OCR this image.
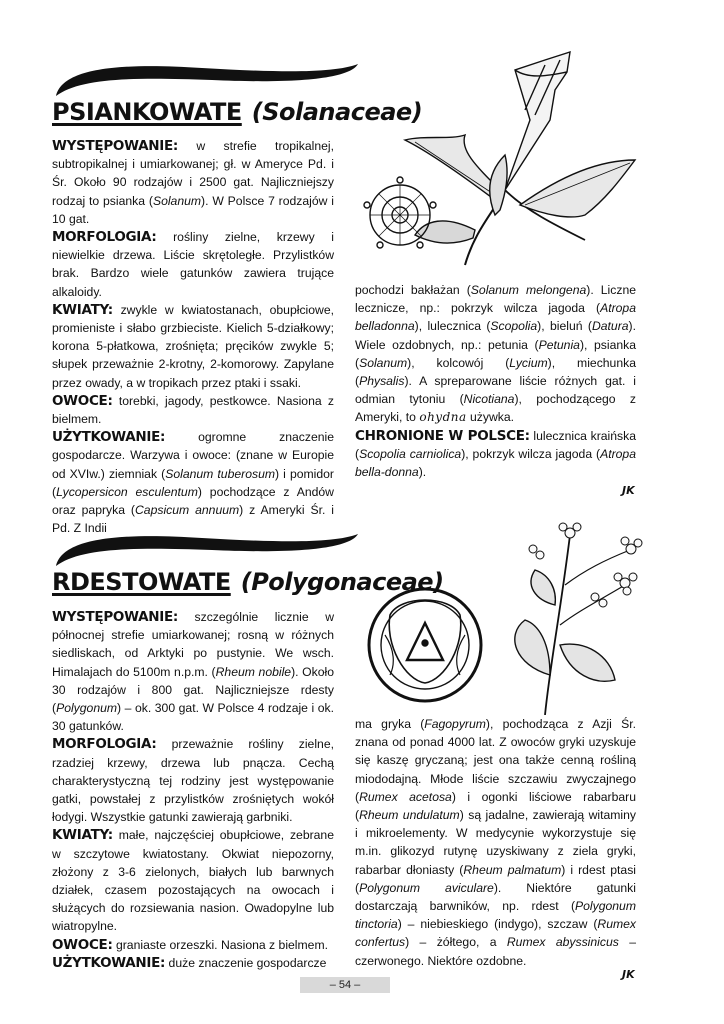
PSIANKOWATE (Solanaceae)

WYSTĘPOWANIE: w strefie tropikalnej, subtropikalnej i umiarkowanej; gł. w Ameryce Pd. i Śr. Około 90 rodzajów i 2500 gat. Najliczniejszy rodzaj to psianka (Solanum). W Polsce 7 rodzajów i 10 gat.

MORFOLOGIA: rośliny zielne, krzewy i niewielkie drzewa. Liście skrętoległe. Przylistków brak. Bardzo wiele gatunków zawiera trujące alkaloidy.

KWIATY: zwykle w kwiatostanach, obupłciowe, promieniste i słabo grzbieciste. Kielich 5-działkowy; korona 5-płatkowa, zrośnięta; pręcików zwykle 5; słupek przeważnie 2-krotny, 2-komorowy. Zapylane przez owady, a w tropikach przez ptaki i ssaki.

OWOCE: torebki, jagody, pestkowce. Nasiona z bielmem.

UŻYTKOWANIE: ogromne znaczenie gospodarcze. Warzywa i owoce: (znane w Europie od XVIw.) ziemniak (Solanum tuberosum) i pomidor (Lycopersicon esculentum) pochodzące z Andów oraz papryka (Capsicum annuum) z Ameryki Śr. i Pd. Z Indii

pochodzi bakłażan (Solanum melongena). Liczne lecznicze, np.: pokrzyk wilcza jagoda (Atropa belladonna), lulecznica (Scopolia), bieluń (Datura). Wiele ozdobnych, np.: petunia (Petunia), psianka (Solanum), kolcowój (Lycium), miechunka (Physalis). A spreparowane liście różnych gat. i odmian tytoniu (Nicotiana), pochodzącego z Ameryki, to ohydna używka.

CHRONIONE W POLSCE: lulecznica kraińska (Scopolia carniolica), pokrzyk wilcza jagoda (Atropa bella-donna).

JK
RDESTOWATE (Polygonaceae)

WYSTĘPOWANIE: szczególnie licznie w północnej strefie umiarkowanej; rosną w różnych siedliskach, od Arktyki po pustynie. We wsch. Himalajach do 5100m n.p.m. (Rheum nobile). Około 30 rodzajów i 800 gat. Najliczniejsze rdesty (Polygonum) – ok. 300 gat. W Polsce 4 rodzaje i ok. 30 gatunków.

MORFOLOGIA: przeważnie rośliny zielne, rzadziej krzewy, drzewa lub pnącza. Cechą charakterystyczną tej rodziny jest występowanie gatki, powstałej z przylistków zrośniętych wokół łodygi. Wszystkie gatunki zawierają garbniki.

KWIATY: małe, najczęściej obupłciowe, zebrane w szczytowe kwiatostany. Okwiat niepozorny, złożony z 3-6 zielonych, białych lub barwnych działek, czasem pozostających na owocach i służących do rozsiewania nasion. Owadopylne lub wiatropylne.

OWOCE: graniaste orzeszki. Nasiona z bielmem.

UŻYTKOWANIE: duże znaczenie gospodarcze

ma gryka (Fagopyrum), pochodząca z Azji Śr. znana od ponad 4000 lat. Z owoców gryki uzyskuje się kaszę gryczaną; jest ona także cenną rośliną miododajną. Młode liście szczawiu zwyczajnego (Rumex acetosa) i ogonki liściowe rabarbaru (Rheum undulatum) są jadalne, zawierają witaminy i mikroelementy. W medycynie wykorzystuje się m.in. glikozyd rutynę uzyskiwany z ziela gryki, rabarbar dłoniasty (Rheum palmatum) i rdest ptasi (Polygonum aviculare). Niektóre gatunki dostarczają barwników, np. rdest (Polygonum tinctoria) – niebieskiego (indygo), szczaw (Rumex confertus) – żółtego, a Rumex abyssinicus – czerwonego. Niektóre ozdobne.

JK
– 54 –
